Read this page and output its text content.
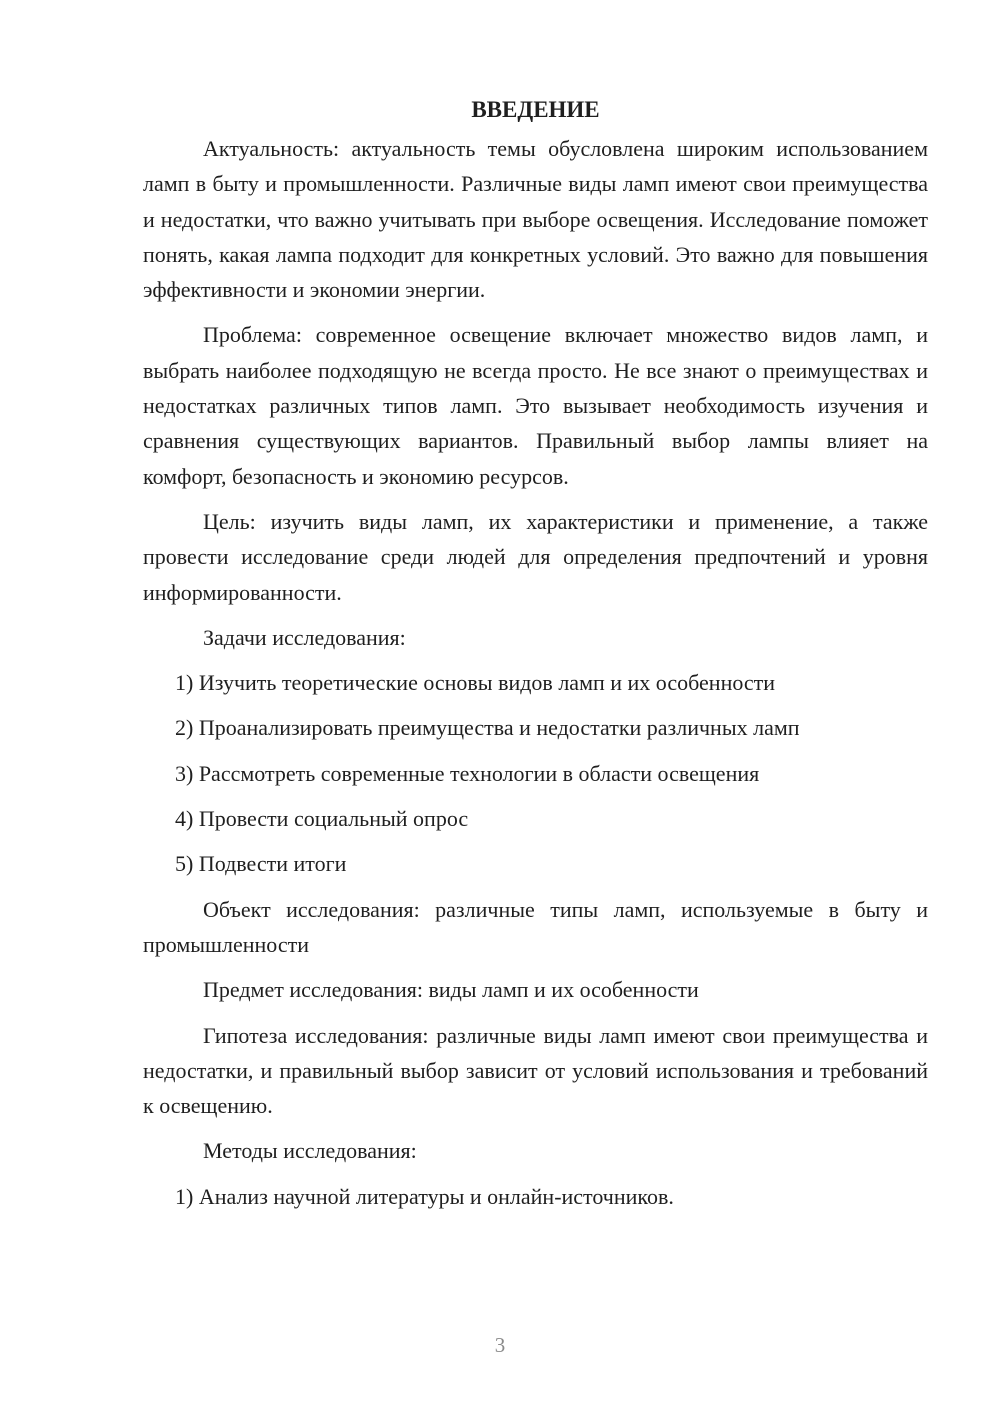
ВВЕДЕНИЕ
Актуальность: актуальность темы обусловлена широким использованием ламп в быту и промышленности. Различные виды ламп имеют свои преимущества и недостатки, что важно учитывать при выборе освещения. Исследование поможет понять, какая лампа подходит для конкретных условий. Это важно для повышения эффективности и экономии энергии.
Проблема: современное освещение включает множество видов ламп, и выбрать наиболее подходящую не всегда просто. Не все знают о преимуществах и недостатках различных типов ламп. Это вызывает необходимость изучения и сравнения существующих вариантов. Правильный выбор лампы влияет на комфорт, безопасность и экономию ресурсов.
Цель: изучить виды ламп, их характеристики и применение, а также провести исследование среди людей для определения предпочтений и уровня информированности.
Задачи исследования:
1) Изучить теоретические основы видов ламп и их особенности
2) Проанализировать преимущества и недостатки различных ламп
3) Рассмотреть современные технологии в области освещения
4) Провести социальный опрос
5) Подвести итоги
Объект исследования: различные типы ламп, используемые в быту и промышленности
Предмет исследования: виды ламп и их особенности
Гипотеза исследования: различные виды ламп имеют свои преимущества и недостатки, и правильный выбор зависит от условий использования и требований к освещению.
Методы исследования:
1) Анализ научной литературы и онлайн-источников.
3
